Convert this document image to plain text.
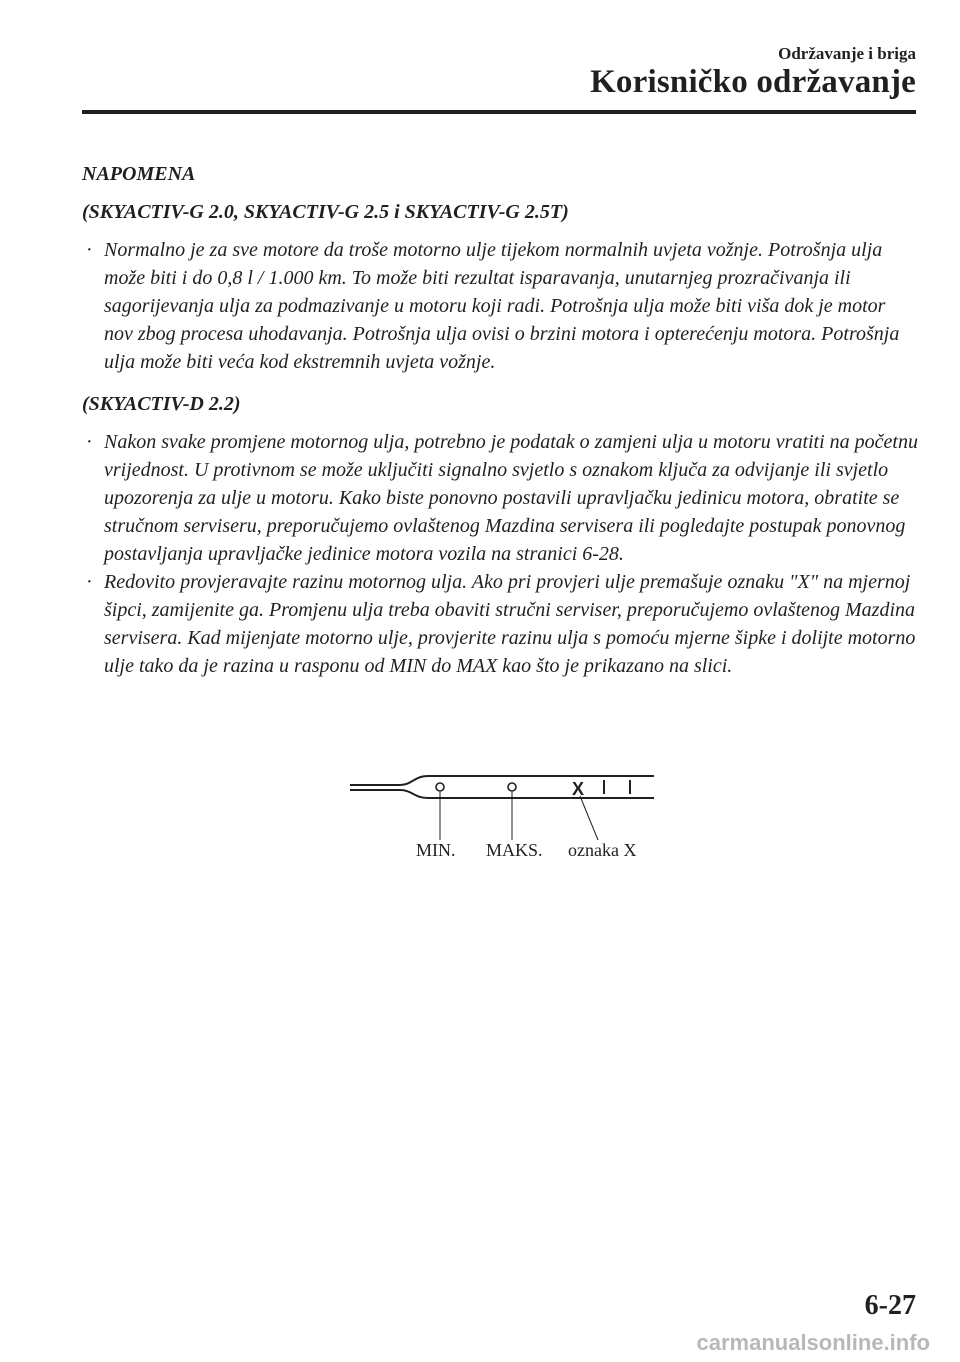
Održavanje i briga
Korisničko održavanje

NAPOMENA

(SKYACTIV-G 2.0, SKYACTIV-G 2.5 i SKYACTIV-G 2.5T)

· Normalno je za sve motore da troše motorno ulje tijekom normalnih uvjeta vožnje. Potrošnja ulja može biti i do 0,8 l / 1.000 km. To može biti rezultat isparavanja, unutarnjeg prozračivanja ili sagorijevanja ulja za podmazivanje u motoru koji radi. Potrošnja ulja može biti viša dok je motor nov zbog procesa uhodavanja. Potrošnja ulja ovisi o brzini motora i opterećenju motora. Potrošnja ulja može biti veća kod ekstremnih uvjeta vožnje.

(SKYACTIV-D 2.2)

· Nakon svake promjene motornog ulja, potrebno je podatak o zamjeni ulja u motoru vratiti na početnu vrijednost. U protivnom se može uključiti signalno svjetlo s oznakom ključa za odvijanje ili svjetlo upozorenja za ulje u motoru. Kako biste ponovno postavili upravljačku jedinicu motora, obratite se stručnom serviseru, preporučujemo ovlaštenog Mazdina servisera ili pogledajte postupak ponovnog postavljanja upravljačke jedinice motora vozila na stranici 6-28.
· Redovito provjeravajte razinu motornog ulja. Ako pri provjeri ulje premašuje oznaku "X" na mjernoj šipci, zamijenite ga. Promjenu ulja treba obaviti stručni serviser, preporučujemo ovlaštenog Mazdina servisera. Kad mijenjate motorno ulje, provjerite razinu ulja s pomoću mjerne šipke i dolijte motorno ulje tako da je razina u rasponu od MIN do MAX kao što je prikazano na slici.
X
MIN. MAKS. oznaka X
6-27
carmanualsonline.info
